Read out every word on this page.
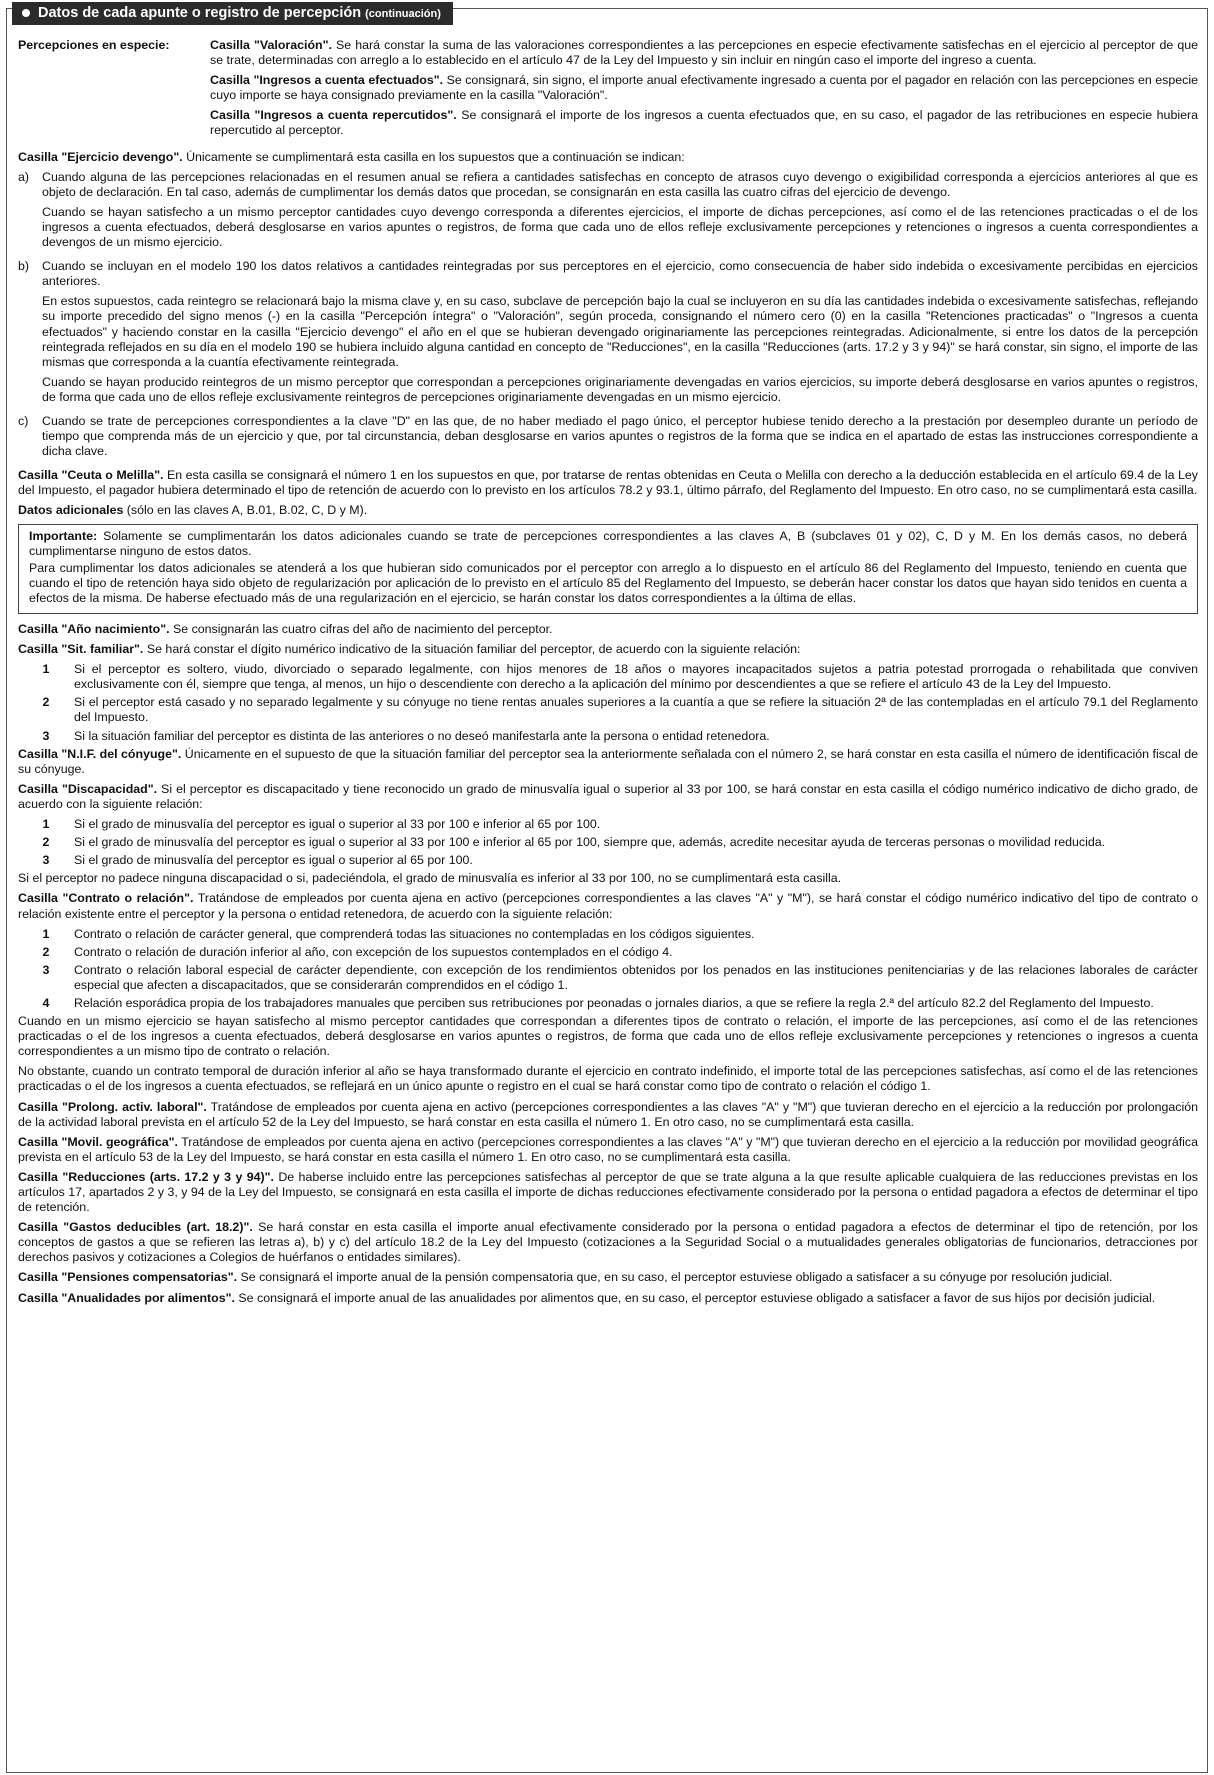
Datos de cada apunte o registro de percepción (continuación)
Percepciones en especie:	Casilla "Valoración". Se hará constar la suma de las valoraciones correspondientes a las percepciones en especie efectivamente satisfechas en el ejercicio al perceptor de que se trate, determinadas con arreglo a lo establecido en el artículo 47 de la Ley del Impuesto y sin incluir en ningún caso el importe del ingreso a cuenta.

Casilla "Ingresos a cuenta efectuados". Se consignará, sin signo, el importe anual efectivamente ingresado a cuenta por el pagador en relación con las percepciones en especie cuyo importe se haya consignado previamente en la casilla "Valoración".

Casilla "Ingresos a cuenta repercutidos". Se consignará el importe de los ingresos a cuenta efectuados que, en su caso, el pagador de las retribuciones en especie hubiera repercutido al perceptor.

Casilla "Ejercicio devengo". Únicamente se cumplimentará esta casilla en los supuestos que a continuación se indican:

a)	Cuando alguna de las percepciones relacionadas en el resumen anual se refiera a cantidades satisfechas en concepto de atrasos cuyo devengo o exigibilidad corresponda a ejercicios anteriores al que es objeto de declaración. En tal caso, además de cumplimentar los demás datos que procedan, se consignarán en esta casilla las cuatro cifras del ejercicio de devengo.

Cuando se hayan satisfecho a un mismo perceptor cantidades cuyo devengo corresponda a diferentes ejercicios, el importe de dichas percepciones, así como el de las retenciones practicadas o el de los ingresos a cuenta efectuados, deberá desglosarse en varios apuntes o registros, de forma que cada uno de ellos refleje exclusivamente percepciones y retenciones o ingresos a cuenta correspondientes a devengos de un mismo ejercicio.

b)	Cuando se incluyan en el modelo 190 los datos relativos a cantidades reintegradas por sus perceptores en el ejercicio, como consecuencia de haber sido indebida o excesivamente percibidas en ejercicios anteriores.

En estos supuestos, cada reintegro se relacionará bajo la misma clave y, en su caso, subclave de percepción bajo la cual se incluyeron en su día las cantidades indebida o excesivamente satisfechas, reflejando su importe precedido del signo menos (-) en la casilla "Percepción íntegra" o "Valoración", según proceda, consignando el número cero (0) en la casilla "Retenciones practicadas" o "Ingresos a cuenta efectuados" y haciendo constar en la casilla "Ejercicio devengo" el año en el que se hubieran devengado originariamente las percepciones reintegradas. Adicionalmente, si entre los datos de la percepción reintegrada reflejados en su día en el modelo 190 se hubiera incluido alguna cantidad en concepto de "Reducciones", en la casilla "Reducciones (arts. 17.2 y 3 y 94)" se hará constar, sin signo, el importe de las mismas que corresponda a la cuantía efectivamente reintegrada.

Cuando se hayan producido reintegros de un mismo perceptor que correspondan a percepciones originariamente devengadas en varios ejercicios, su importe deberá desglosarse en varios apuntes o registros, de forma que cada uno de ellos refleje exclusivamente reintegros de percepciones originariamente devengadas en un mismo ejercicio.

c)	Cuando se trate de percepciones correspondientes a la clave "D" en las que, de no haber mediado el pago único, el perceptor hubiese tenido derecho a la prestación por desempleo durante un período de tiempo que comprenda más de un ejercicio y que, por tal circunstancia, deban desglosarse en varios apuntes o registros de la forma que se indica en el apartado de estas las instrucciones correspondiente a dicha clave.

Casilla "Ceuta o Melilla". En esta casilla se consignará el número 1 en los supuestos en que, por tratarse de rentas obtenidas en Ceuta o Melilla con derecho a la deducción establecida en el artículo 69.4 de la Ley del Impuesto, el pagador hubiera determinado el tipo de retención de acuerdo con lo previsto en los artículos 78.2 y 93.1, último párrafo, del Reglamento del Impuesto. En otro caso, no se cumplimentará esta casilla.

Datos adicionales (sólo en las claves A, B.01, B.02, C, D y M).

Importante: Solamente se cumplimentarán los datos adicionales cuando se trate de percepciones correspondientes a las claves A, B (subclaves 01 y 02), C, D y M. En los demás casos, no deberá cumplimentarse ninguno de estos datos.

Para cumplimentar los datos adicionales se atenderá a los que hubieran sido comunicados por el perceptor con arreglo a lo dispuesto en el artículo 86 del Reglamento del Impuesto, teniendo en cuenta que cuando el tipo de retención haya sido objeto de regularización por aplicación de lo previsto en el artículo 85 del Reglamento del Impuesto, se deberán hacer constar los datos que hayan sido tenidos en cuenta a efectos de la misma. De haberse efectuado más de una regularización en el ejercicio, se harán constar los datos correspondientes a la última de ellas.

Casilla "Año nacimiento". Se consignarán las cuatro cifras del año de nacimiento del perceptor.

Casilla "Sit. familiar". Se hará constar el dígito numérico indicativo de la situación familiar del perceptor, de acuerdo con la siguiente relación:

1	Si el perceptor es soltero, viudo, divorciado o separado legalmente, con hijos menores de 18 años o mayores incapacitados sujetos a patria potestad prorrogada o rehabilitada que conviven exclusivamente con él, siempre que tenga, al menos, un hijo o descendiente con derecho a la aplicación del mínimo por descendientes a que se refiere el artículo 43 de la Ley del Impuesto.
2	Si el perceptor está casado y no separado legalmente y su cónyuge no tiene rentas anuales superiores a la cuantía a que se refiere la situación 2ª de las contempladas en el artículo 79.1 del Reglamento del Impuesto.
3	Si la situación familiar del perceptor es distinta de las anteriores o no deseó manifestarla ante la persona o entidad retenedora.

Casilla "N.I.F. del cónyuge". Únicamente en el supuesto de que la situación familiar del perceptor sea la anteriormente señalada con el número 2, se hará constar en esta casilla el número de identificación fiscal de su cónyuge.

Casilla "Discapacidad". Si el perceptor es discapacitado y tiene reconocido un grado de minusvalía igual o superior al 33 por 100, se hará constar en esta casilla el código numérico indicativo de dicho grado, de acuerdo con la siguiente relación:

1	Si el grado de minusvalía del perceptor es igual o superior al 33 por 100 e inferior al 65 por 100.
2	Si el grado de minusvalía del perceptor es igual o superior al 33 por 100 e inferior al 65 por 100, siempre que, además, acredite necesitar ayuda de terceras personas o movilidad reducida.
3	Si el grado de minusvalía del perceptor es igual o superior al 65 por 100.

Si el perceptor no padece ninguna discapacidad o si, padeciéndola, el grado de minusvalía es inferior al 33 por 100, no se cumplimentará esta casilla.

Casilla "Contrato o relación". Tratándose de empleados por cuenta ajena en activo (percepciones correspondientes a las claves "A" y "M"), se hará constar el código numérico indicativo del tipo de contrato o relación existente entre el perceptor y la persona o entidad retenedora, de acuerdo con la siguiente relación:

1	Contrato o relación de carácter general, que comprenderá todas las situaciones no contempladas en los códigos siguientes.
2	Contrato o relación de duración inferior al año, con excepción de los supuestos contemplados en el código 4.
3	Contrato o relación laboral especial de carácter dependiente, con excepción de los rendimientos obtenidos por los penados en las instituciones penitenciarias y de las relaciones laborales de carácter especial que afecten a discapacitados, que se considerarán comprendidos en el código 1.
4	Relación esporádica propia de los trabajadores manuales que perciben sus retribuciones por peonadas o jornales diarios, a que se refiere la regla 2.ª del artículo 82.2 del Reglamento del Impuesto.

Cuando en un mismo ejercicio se hayan satisfecho al mismo perceptor cantidades que correspondan a diferentes tipos de contrato o relación, el importe de las percepciones, así como el de las retenciones practicadas o el de los ingresos a cuenta efectuados, deberá desglosarse en varios apuntes o registros, de forma que cada uno de ellos refleje exclusivamente percepciones y retenciones o ingresos a cuenta correspondientes a un mismo tipo de contrato o relación.

No obstante, cuando un contrato temporal de duración inferior al año se haya transformado durante el ejercicio en contrato indefinido, el importe total de las percepciones satisfechas, así como el de las retenciones practicadas o el de los ingresos a cuenta efectuados, se reflejará en un único apunte o registro en el cual se hará constar como tipo de contrato o relación el código 1.

Casilla "Prolong. activ. laboral". Tratándose de empleados por cuenta ajena en activo (percepciones correspondientes a las claves "A" y "M") que tuvieran derecho en el ejercicio a la reducción por prolongación de la actividad laboral prevista en el artículo 52 de la Ley del Impuesto, se hará constar en esta casilla el número 1. En otro caso, no se cumplimentará esta casilla.

Casilla "Movil. geográfica". Tratándose de empleados por cuenta ajena en activo (percepciones correspondientes a las claves "A" y "M") que tuvieran derecho en el ejercicio a la reducción por movilidad geográfica prevista en el artículo 53 de la Ley del Impuesto, se hará constar en esta casilla el número 1. En otro caso, no se cumplimentará esta casilla.

Casilla "Reducciones (arts. 17.2 y 3 y 94)". De haberse incluido entre las percepciones satisfechas al perceptor de que se trate alguna a la que resulte aplicable cualquiera de las reducciones previstas en los artículos 17, apartados 2 y 3, y 94 de la Ley del Impuesto, se consignará en esta casilla el importe de dichas reducciones efectivamente considerado por la persona o entidad pagadora a efectos de determinar el tipo de retención.

Casilla "Gastos deducibles (art. 18.2)". Se hará constar en esta casilla el importe anual efectivamente considerado por la persona o entidad pagadora a efectos de determinar el tipo de retención, por los conceptos de gastos a que se refieren las letras a), b) y c) del artículo 18.2 de la Ley del Impuesto (cotizaciones a la Seguridad Social o a mutualidades generales obligatorias de funcionarios, detracciones por derechos pasivos y cotizaciones a Colegios de huérfanos o entidades similares).

Casilla "Pensiones compensatorias". Se consignará el importe anual de la pensión compensatoria que, en su caso, el perceptor estuviese obligado a satisfacer a su cónyuge por resolución judicial.

Casilla "Anualidades por alimentos". Se consignará el importe anual de las anualidades por alimentos que, en su caso, el perceptor estuviese obligado a satisfacer a favor de sus hijos por decisión judicial.
